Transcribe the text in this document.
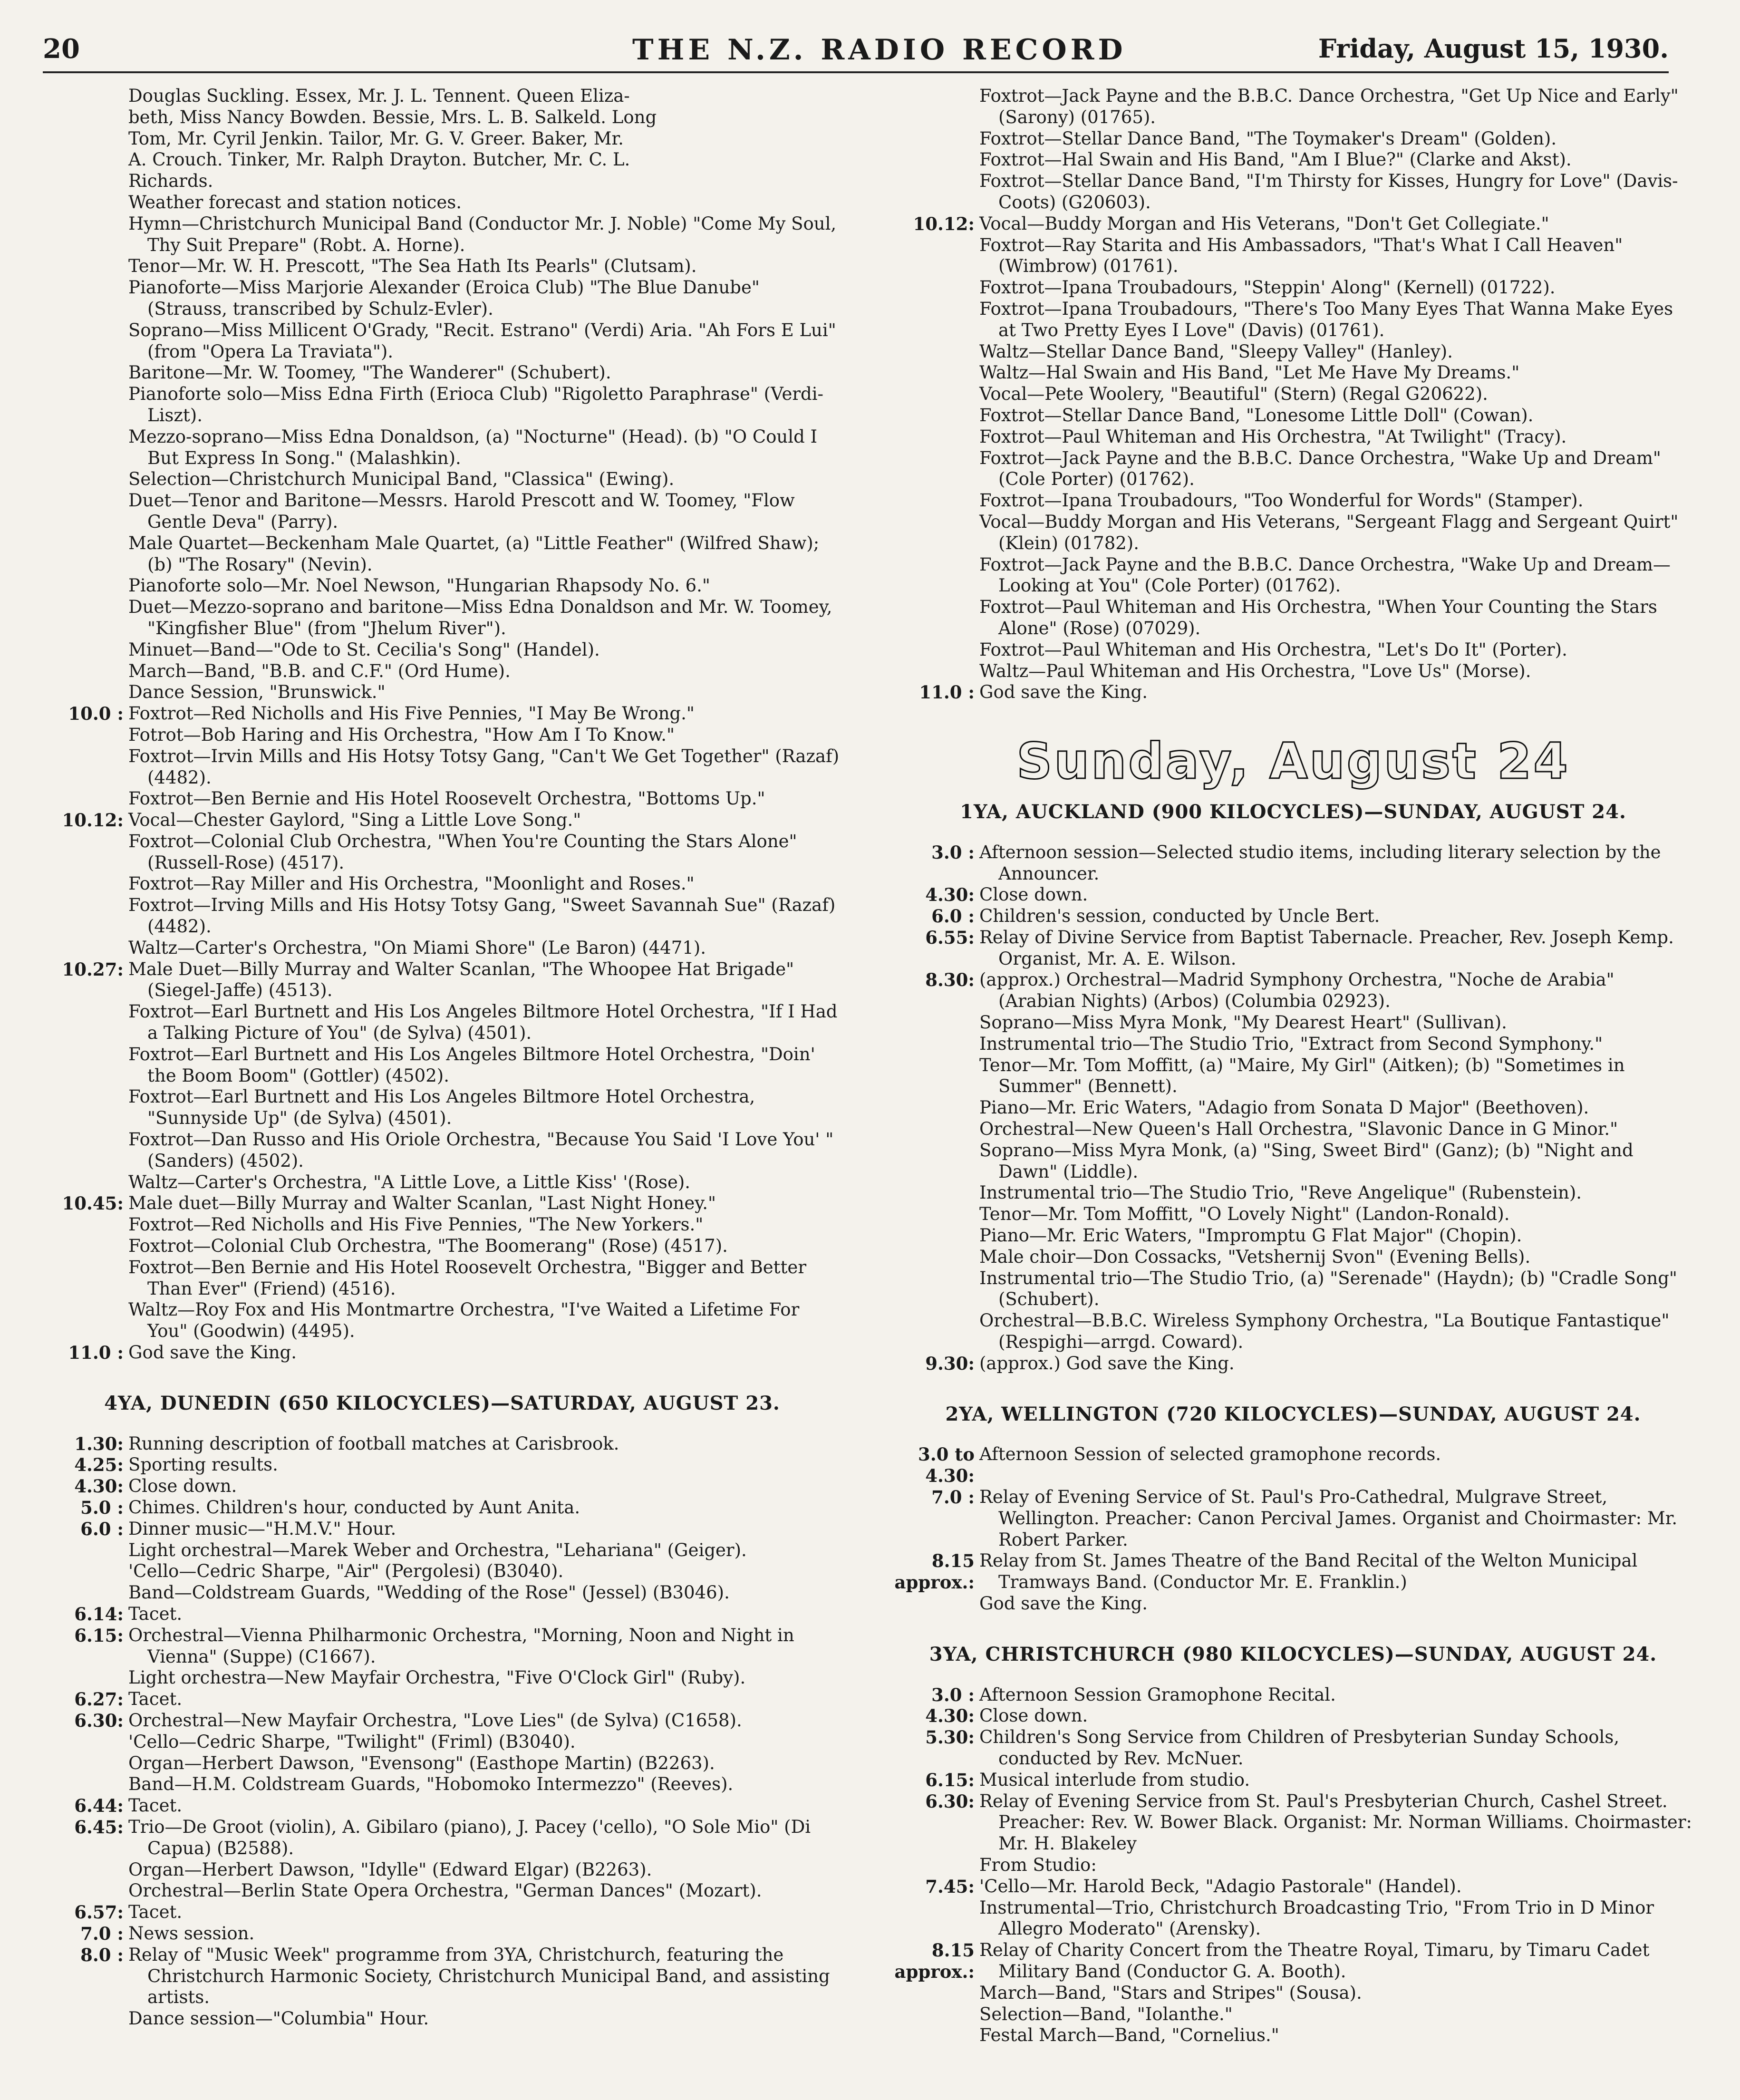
20	THE N.Z. RADIO RECORD	Friday, August 15, 1930.
Douglas Suckling. Essex, Mr. J. L. Tennent. Queen Eliza-
beth, Miss Nancy Bowden. Bessie, Mrs. L. B. Salkeld. Long
Tom, Mr. Cyril Jenkin. Tailor, Mr. G. V. Greer. Baker, Mr.
A. Crouch. Tinker, Mr. Ralph Drayton. Butcher, Mr. C. L.
Richards.
Weather forecast and station notices.
Hymn—Christchurch Municipal Band (Conductor Mr. J. Noble) "Come My Soul, Thy Suit Prepare" (Robt. A. Horne).
Tenor—Mr. W. H. Prescott, "The Sea Hath Its Pearls" (Clutsam).
Pianoforte—Miss Marjorie Alexander (Eroica Club) "The Blue Danube" (Strauss, transcribed by Schulz-Evler).
Soprano—Miss Millicent O'Grady, "Recit. Estrano" (Verdi) Aria. "Ah Fors E Lui" (from "Opera La Traviata").
Baritone—Mr. W. Toomey, "The Wanderer" (Schubert).
Pianoforte solo—Miss Edna Firth (Erioca Club) "Rigoletto Paraphrase" (Verdi-Liszt).
Mezzo-soprano—Miss Edna Donaldson, (a) "Nocturne" (Head). (b) "O Could I But Express In Song." (Malashkin).
Selection—Christchurch Municipal Band, "Classica" (Ewing).
Duet—Tenor and Baritone—Messrs. Harold Prescott and W. Toomey, "Flow Gentle Deva" (Parry).
Male Quartet—Beckenham Male Quartet, (a) "Little Feather" (Wilfred Shaw); (b) "The Rosary" (Nevin).
Pianoforte solo—Mr. Noel Newson, "Hungarian Rhapsody No. 6."
Duet—Mezzo-soprano and baritone—Miss Edna Donaldson and Mr. W. Toomey, "Kingfisher Blue" (from "Jhelum River").
Minuet—Band—"Ode to St. Cecilia's Song" (Handel).
March—Band, "B.B. and C.F." (Ord Hume).
Dance Session, "Brunswick."
10.0 : Foxtrot—Red Nicholls and His Five Pennies, "I May Be Wrong."
Fotrot—Bob Haring and His Orchestra, "How Am I To Know."
Foxtrot—Irvin Mills and His Hotsy Totsy Gang, "Can't We Get Together" (Razaf) (4482).
Foxtrot—Ben Bernie and His Hotel Roosevelt Orchestra, "Bottoms Up."
10.12: Vocal—Chester Gaylord, "Sing a Little Love Song."
Foxtrot—Colonial Club Orchestra, "When You're Counting the Stars Alone" (Russell-Rose) (4517).
Foxtrot—Ray Miller and His Orchestra, "Moonlight and Roses."
Foxtrot—Irving Mills and His Hotsy Totsy Gang, "Sweet Savannah Sue" (Razaf) (4482).
Waltz—Carter's Orchestra, "On Miami Shore" (Le Baron) (4471).
10.27: Male Duet—Billy Murray and Walter Scanlan, "The Whoopee Hat Brigade" (Siegel-Jaffe) (4513).
Foxtrot—Earl Burtnett and His Los Angeles Biltmore Hotel Orchestra, "If I Had a Talking Picture of You" (de Sylva) (4501).
Foxtrot—Earl Burtnett and His Los Angeles Biltmore Hotel Orchestra, "Doin' the Boom Boom" (Gottler) (4502).
Foxtrot—Earl Burtnett and His Los Angeles Biltmore Hotel Orchestra, "Sunnyside Up" (de Sylva) (4501).
Foxtrot—Dan Russo and His Oriole Orchestra, "Because You Said 'I Love You' " (Sanders) (4502).
Waltz—Carter's Orchestra, "A Little Love, a Little Kiss' '(Rose).
10.45: Male duet—Billy Murray and Walter Scanlan, "Last Night Honey."
Foxtrot—Red Nicholls and His Five Pennies, "The New Yorkers."
Foxtrot—Colonial Club Orchestra, "The Boomerang" (Rose) (4517).
Foxtrot—Ben Bernie and His Hotel Roosevelt Orchestra, "Bigger and Better Than Ever" (Friend) (4516).
Waltz—Roy Fox and His Montmartre Orchestra, "I've Waited a Lifetime For You" (Goodwin) (4495).
11.0 : God save the King.
4YA, DUNEDIN (650 KILOCYCLES)—SATURDAY, AUGUST 23.
1.30: Running description of football matches at Carisbrook.
4.25: Sporting results.
4.30: Close down.
5.0 : Chimes. Children's hour, conducted by Aunt Anita.
6.0 : Dinner music—"H.M.V." Hour.
Light orchestral—Marek Weber and Orchestra, "Lehariana" (Geiger).
'Cello—Cedric Sharpe, "Air" (Pergolesi) (B3040).
Band—Coldstream Guards, "Wedding of the Rose" (Jessel) (B3046).
6.14: Tacet.
6.15: Orchestral—Vienna Philharmonic Orchestra, "Morning, Noon and Night in Vienna" (Suppe) (C1667).
Light orchestra—New Mayfair Orchestra, "Five O'Clock Girl" (Ruby).
6.27: Tacet.
6.30: Orchestral—New Mayfair Orchestra, "Love Lies" (de Sylva) (C1658).
'Cello—Cedric Sharpe, "Twilight" (Friml) (B3040).
Organ—Herbert Dawson, "Evensong" (Easthope Martin) (B2263).
Band—H.M. Coldstream Guards, "Hobomoko Intermezzo" (Reeves).
6.44: Tacet.
6.45: Trio—De Groot (violin), A. Gibilaro (piano), J. Pacey ('cello), "O Sole Mio" (Di Capua) (B2588).
Organ—Herbert Dawson, "Idylle" (Edward Elgar) (B2263).
Orchestral—Berlin State Opera Orchestra, "German Dances" (Mozart).
6.57: Tacet.
7.0 : News session.
8.0 : Relay of "Music Week" programme from 3YA, Christchurch, featuring the Christchurch Harmonic Society, Christchurch Municipal Band, and assisting artists.
Dance session—"Columbia" Hour.
Foxtrot—Jack Payne and the B.B.C. Dance Orchestra, "Get Up Nice and Early" (Sarony) (01765).
Foxtrot—Stellar Dance Band, "The Toymaker's Dream" (Golden).
Foxtrot—Hal Swain and His Band, "Am I Blue?" (Clarke and Akst).
Foxtrot—Stellar Dance Band, "I'm Thirsty for Kisses, Hungry for Love" (Davis-Coots) (G20603).
10.12: Vocal—Buddy Morgan and His Veterans, "Don't Get Collegiate."
Foxtrot—Ray Starita and His Ambassadors, "That's What I Call Heaven" (Wimbrow) (01761).
Foxtrot—Ipana Troubadours, "Steppin' Along" (Kernell) (01722).
Foxtrot—Ipana Troubadours, "There's Too Many Eyes That Wanna Make Eyes at Two Pretty Eyes I Love" (Davis) (01761).
Waltz—Stellar Dance Band, "Sleepy Valley" (Hanley).
Waltz—Hal Swain and His Band, "Let Me Have My Dreams."
Vocal—Pete Woolery, "Beautiful" (Stern) (Regal G20622).
Foxtrot—Stellar Dance Band, "Lonesome Little Doll" (Cowan).
Foxtrot—Paul Whiteman and His Orchestra, "At Twilight" (Tracy).
Foxtrot—Jack Payne and the B.B.C. Dance Orchestra, "Wake Up and Dream" (Cole Porter) (01762).
Foxtrot—Ipana Troubadours, "Too Wonderful for Words" (Stamper).
Vocal—Buddy Morgan and His Veterans, "Sergeant Flagg and Sergeant Quirt" (Klein) (01782).
Foxtrot—Jack Payne and the B.B.C. Dance Orchestra, "Wake Up and Dream—Looking at You" (Cole Porter) (01762).
Foxtrot—Paul Whiteman and His Orchestra, "When Your Counting the Stars Alone" (Rose) (07029).
Foxtrot—Paul Whiteman and His Orchestra, "Let's Do It" (Porter).
Waltz—Paul Whiteman and His Orchestra, "Love Us" (Morse).
11.0 : God save the King.
Sunday, August 24
1YA, AUCKLAND (900 KILOCYCLES)—SUNDAY, AUGUST 24.
3.0 : Afternoon session—Selected studio items, including literary selection by the Announcer.
4.30: Close down.
6.0 : Children's session, conducted by Uncle Bert.
6.55: Relay of Divine Service from Baptist Tabernacle. Preacher, Rev. Joseph Kemp. Organist, Mr. A. E. Wilson.
8.30: (approx.) Orchestral—Madrid Symphony Orchestra, "Noche de Arabia" (Arabian Nights) (Arbos) (Columbia 02923).
Soprano—Miss Myra Monk, "My Dearest Heart" (Sullivan).
Instrumental trio—The Studio Trio, "Extract from Second Symphony."
Tenor—Mr. Tom Moffitt, (a) "Maire, My Girl" (Aitken); (b) "Sometimes in Summer" (Bennett).
Piano—Mr. Eric Waters, "Adagio from Sonata D Major" (Beethoven).
Orchestral—New Queen's Hall Orchestra, "Slavonic Dance in G Minor."
Soprano—Miss Myra Monk, (a) "Sing, Sweet Bird" (Ganz); (b) "Night and Dawn" (Liddle).
Instrumental trio—The Studio Trio, "Reve Angelique" (Rubenstein).
Tenor—Mr. Tom Moffitt, "O Lovely Night" (Landon-Ronald).
Piano—Mr. Eric Waters, "Impromptu G Flat Major" (Chopin).
Male choir—Don Cossacks, "Vetshernij Svon" (Evening Bells).
Instrumental trio—The Studio Trio, (a) "Serenade" (Haydn); (b) "Cradle Song" (Schubert).
Orchestral—B.B.C. Wireless Symphony Orchestra, "La Boutique Fantastique" (Respighi—arrgd. Coward).
9.30: (approx.) God save the King.
2YA, WELLINGTON (720 KILOCYCLES)—SUNDAY, AUGUST 24.
3.0 to 4.30:
Afternoon Session of selected gramophone records.
7.0 : Relay of Evening Service of St. Paul's Pro-Cathedral, Mulgrave Street, Wellington. Preacher: Canon Percival James. Organist and Choirmaster: Mr. Robert Parker.
8.15 approx.:
Relay from St. James Theatre of the Band Recital of the Welton Municipal Tramways Band. (Conductor Mr. E. Franklin.)
God save the King.
3YA, CHRISTCHURCH (980 KILOCYCLES)—SUNDAY, AUGUST 24.
3.0 : Afternoon Session Gramophone Recital.
4.30: Close down.
5.30: Children's Song Service from Children of Presbyterian Sunday Schools, conducted by Rev. McNuer.
6.15: Musical interlude from studio.
6.30: Relay of Evening Service from St. Paul's Presbyterian Church, Cashel Street. Preacher: Rev. W. Bower Black. Organist: Mr. Norman Williams. Choirmaster: Mr. H. Blakeley
From Studio:
7.45: 'Cello—Mr. Harold Beck, "Adagio Pastorale" (Handel).
Instrumental—Trio, Christchurch Broadcasting Trio, "From Trio in D Minor Allegro Moderato" (Arensky).
8.15 approx.:
Relay of Charity Concert from the Theatre Royal, Timaru, by Timaru Cadet Military Band (Conductor G. A. Booth).
March—Band, "Stars and Stripes" (Sousa).
Selection—Band, "Iolanthe."
Festal March—Band, "Cornelius."
